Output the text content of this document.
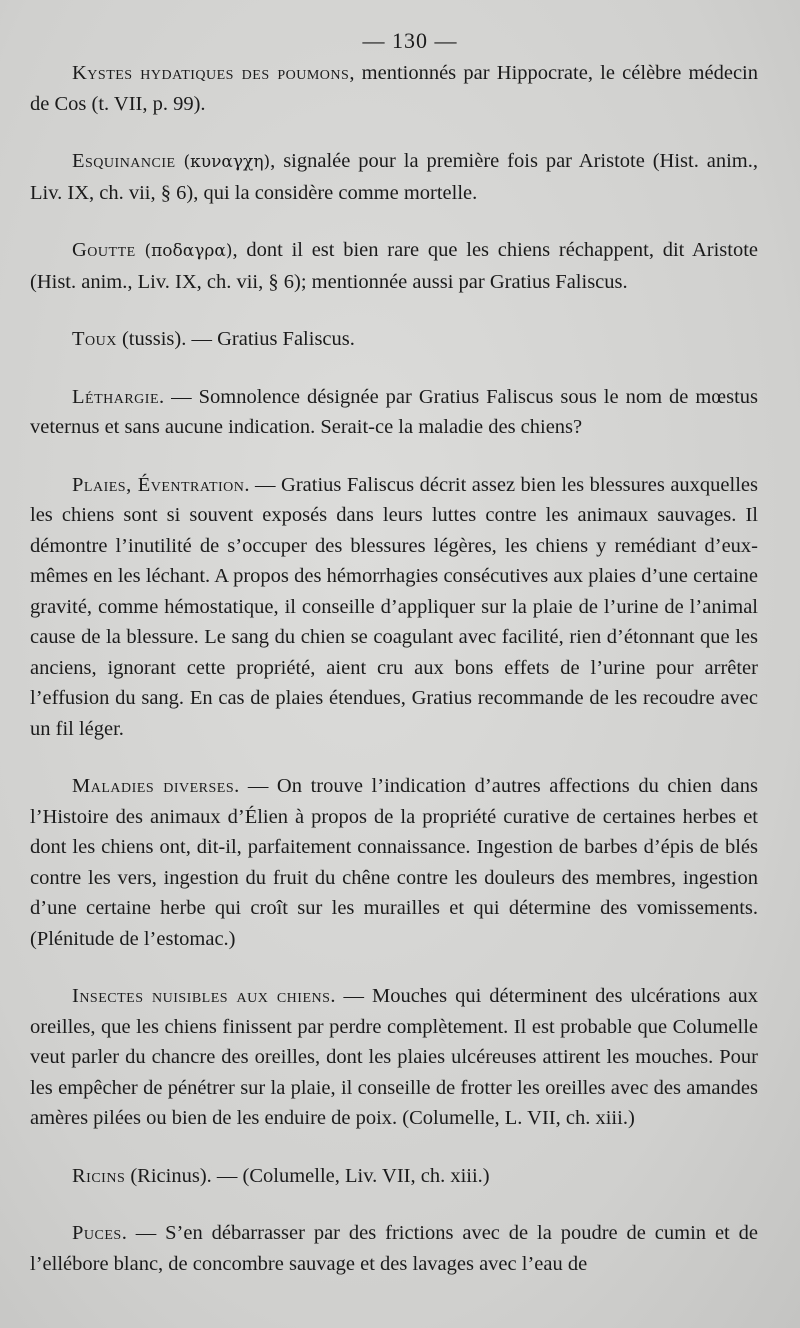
— 130 —

Kystes hydatiques des poumons, mentionnés par Hippocrate, le célèbre médecin de Cos (t. VII, p. 99).

Esquinancie (κυναγχη), signalée pour la première fois par Aristote (Hist. anim., Liv. IX, ch. vii, § 6), qui la considère comme mortelle.

Goutte (ποδαγρα), dont il est bien rare que les chiens réchappent, dit Aristote (Hist. anim., Liv. IX, ch. vii, § 6); mentionnée aussi par Gratius Faliscus.

Toux (tussis). — Gratius Faliscus.

Léthargie. — Somnolence désignée par Gratius Faliscus sous le nom de mœstus veternus et sans aucune indication. Serait-ce la maladie des chiens?

Plaies, Éventration. — Gratius Faliscus décrit assez bien les blessures auxquelles les chiens sont si souvent exposés dans leurs luttes contre les animaux sauvages. Il démontre l’inutilité de s’occuper des blessures légères, les chiens y remédiant d’eux-mêmes en les léchant. A propos des hémorrhagies consécutives aux plaies d’une certaine gravité, comme hémostatique, il conseille d’appliquer sur la plaie de l’urine de l’animal cause de la blessure. Le sang du chien se coagulant avec facilité, rien d’étonnant que les anciens, ignorant cette propriété, aient cru aux bons effets de l’urine pour arrêter l’effusion du sang. En cas de plaies étendues, Gratius recommande de les recoudre avec un fil léger.

Maladies diverses. — On trouve l’indication d’autres affections du chien dans l’Histoire des animaux d’Élien à propos de la propriété curative de certaines herbes et dont les chiens ont, dit-il, parfaitement connaissance. Ingestion de barbes d’épis de blés contre les vers, ingestion du fruit du chêne contre les douleurs des membres, ingestion d’une certaine herbe qui croît sur les murailles et qui détermine des vomissements. (Plénitude de l’estomac.)

Insectes nuisibles aux chiens. — Mouches qui déterminent des ulcérations aux oreilles, que les chiens finissent par perdre complètement. Il est probable que Columelle veut parler du chancre des oreilles, dont les plaies ulcéreuses attirent les mouches. Pour les empêcher de pénétrer sur la plaie, il conseille de frotter les oreilles avec des amandes amères pilées ou bien de les enduire de poix. (Columelle, L. VII, ch. xiii.)

Ricins (Ricinus). — (Columelle, Liv. VII, ch. xiii.)

Puces. — S’en débarrasser par des frictions avec de la poudre de cumin et de l’ellébore blanc, de concombre sauvage et des lavages avec l’eau de
